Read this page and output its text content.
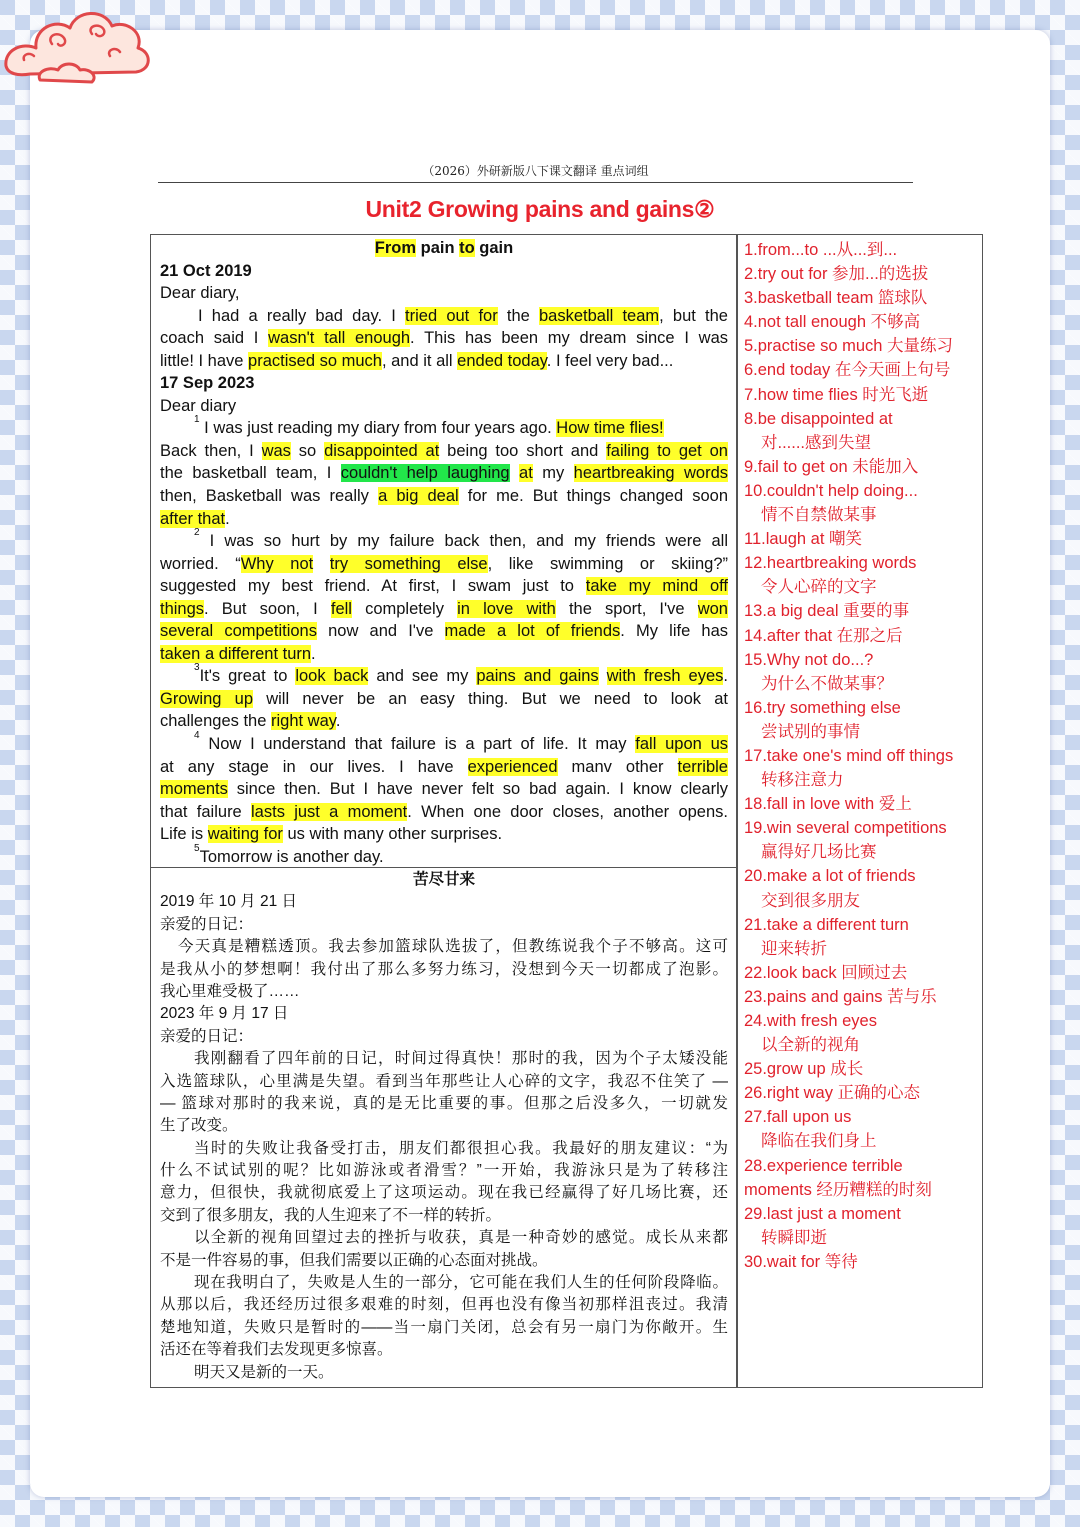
（2026）外研新版八下课文翻译 重点词组
Unit2 Growing pains and gains②
From pain to gain
21 Oct 2019
Dear diary,
I had a really bad day. I tried out for the basketball team, but the
coach said I wasn't tall enough. This has been my dream since I was
little! I have practised so much, and it all ended today. I feel very bad...
17 Sep 2023
Dear diary
$^1$ I was just reading my diary from four years ago. How time flies!
Back then, I was so disappointed at being too short and failing to get on
the basketball team, I couldn't help laughing at my heartbreaking words
then, Basketball was really a big deal for me. But things changed soon
after that.
$^2$ I was so hurt by my failure back then, and my friends were all
worried. “Why not try something else, like swimming or skiing?”
suggested my best friend. At first, I swam just to take my mind off
things. But soon, I fell completely in love with the sport, I've won
several competitions now and I've made a lot of friends. My life has
taken a different turn.
$^3$It's great to look back and see my pains and gains with fresh eyes.
Growing up will never be an easy thing. But we need to look at
challenges the right way.
$^4$ Now I understand that failure is a part of life. It may fall upon us
at any stage in our lives. I have experienced manv other terrible
moments since then. But I have never felt so bad again. I know clearly
that failure lasts just a moment. When one door closes, another opens.
Life is waiting for us with many other surprises.
$^5$Tomorrow is another day.
苦尽甘来
2019 年 10 月 21 日
亲爱的日记：
今天真是糟糕透顶。我去参加篮球队选拔了，但教练说我个子不够高。这可
是我从小的梦想啊！我付出了那么多努力练习，没想到今天一切都成了泡影。
我心里难受极了……
2023 年 9 月 17 日
亲爱的日记：
我刚翻看了四年前的日记，时间过得真快！那时的我，因为个子太矮没能
入选篮球队，心里满是失望。看到当年那些让人心碎的文字，我忍不住笑了 —
— 篮球对那时的我来说，真的是无比重要的事。但那之后没多久，一切就发
生了改变。
当时的失败让我备受打击，朋友们都很担心我。我最好的朋友建议：“为
什么不试试别的呢？比如游泳或者滑雪？”一开始，我游泳只是为了转移注
意力，但很快，我就彻底爱上了这项运动。现在我已经赢得了好几场比赛，还
交到了很多朋友，我的人生迎来了不一样的转折。
以全新的视角回望过去的挫折与收获，真是一种奇妙的感觉。成长从来都
不是一件容易的事，但我们需要以正确的心态面对挑战。
现在我明白了，失败是人生的一部分，它可能在我们人生的任何阶段降临。
从那以后，我还经历过很多艰难的时刻，但再也没有像当初那样沮丧过。我清
楚地知道，失败只是暂时的——当一扇门关闭，总会有另一扇门为你敞开。生
活还在等着我们去发现更多惊喜。
明天又是新的一天。
1.from...to ...从...到...
2.try out for 参加...的选拔
3.basketball team 篮球队
4.not tall enough 不够高
5.practise so much 大量练习
6.end today 在今天画上句号
7.how time flies 时光飞逝
8.be disappointed at
对......感到失望
9.fail to get on 未能加入
10.couldn't help doing...
情不自禁做某事
11.laugh at 嘲笑
12.heartbreaking words
令人心碎的文字
13.a big deal 重要的事
14.after that 在那之后
15.Why not do...?
为什么不做某事？
16.try something else
尝试别的事情
17.take one's mind off things
转移注意力
18.fall in love with 爱上
19.win several competitions
赢得好几场比赛
20.make a lot of friends
交到很多朋友
21.take a different turn
迎来转折
22.look back 回顾过去
23.pains and gains 苦与乐
24.with fresh eyes
以全新的视角
25.grow up 成长
26.right way 正确的心态
27.fall upon us
降临在我们身上
28.experience terrible
moments 经历糟糕的时刻
29.last just a moment
转瞬即逝
30.wait for 等待
